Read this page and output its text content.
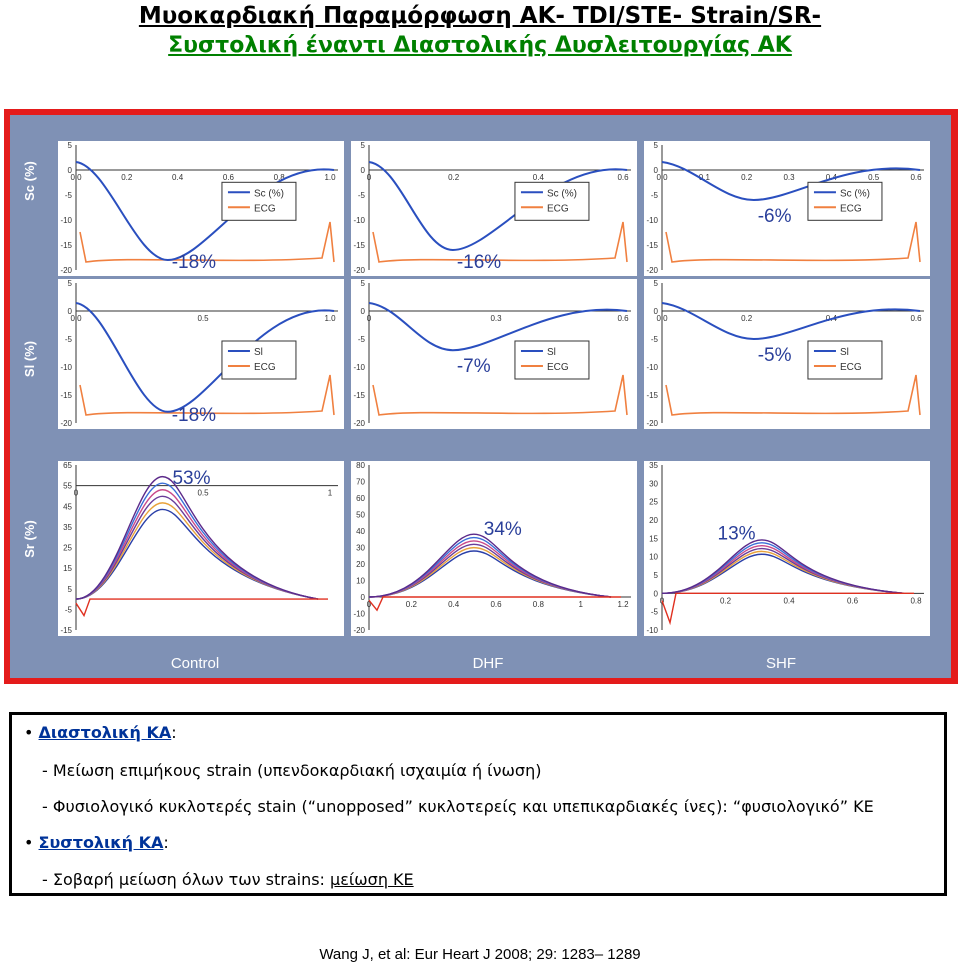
Μυοκαρδιακή Παραμόρφωση ΑΚ- TDI/STE- Strain/SR-
Συστολική έναντι Διαστολικής Δυσλειτουργίας ΑΚ
Sc (%)
Sl (%)
Sr (%)
Control	DHF	SHF
5
0
-5
-10
-15
-20
0.0	0.2	0.4	0.6	0.8	1.0
-18%
Sc (%)
ECG
5
0
-5
-10
-15
-20
0	0.2	0.4	0.6
-16%
Sc (%)
ECG
5
0
-5
-10
-15
-20
0.0	0.1	0.2	0.3	0.4	0.5	0.6
-6%
Sc (%)
ECG
5
0
-5
-10
-15
-20
0.0	0.5	1.0
-18%
Sl
ECG
5
0
-5
-10
-15
-20
0	0.3	0.6
-7%
Sl
ECG
5
0
-5
-10
-15
-20
0.0	0.2	0.4	0.6
-5%	Sl
ECG
65
55
45
35
25
15
5
-5
-15
0	0.5	1
53%
80
70
60
50
40
30
20
10
0
-10
-20
0	0.2	0.4	0.6	0.8	1	1.2
34%
35
30
25
20
15
10
5
0
-5
-10
0	0.2	0.4	0.6	0.8
13%
• Διαστολική ΚΑ:
- Μείωση επιμήκους strain (υπενδοκαρδιακή ισχαιμία ή ίνωση)
- Φυσιολογικό κυκλοτερές stain (“unopposed” κυκλοτερείς και υπεπικαρδιακές ίνες): “φυσιολογικό” ΚΕ
• Συστολική ΚΑ:
- Σοβαρή μείωση όλων των strains: μείωση ΚΕ
Wang J, et al: Eur Heart J 2008; 29: 1283– 1289
